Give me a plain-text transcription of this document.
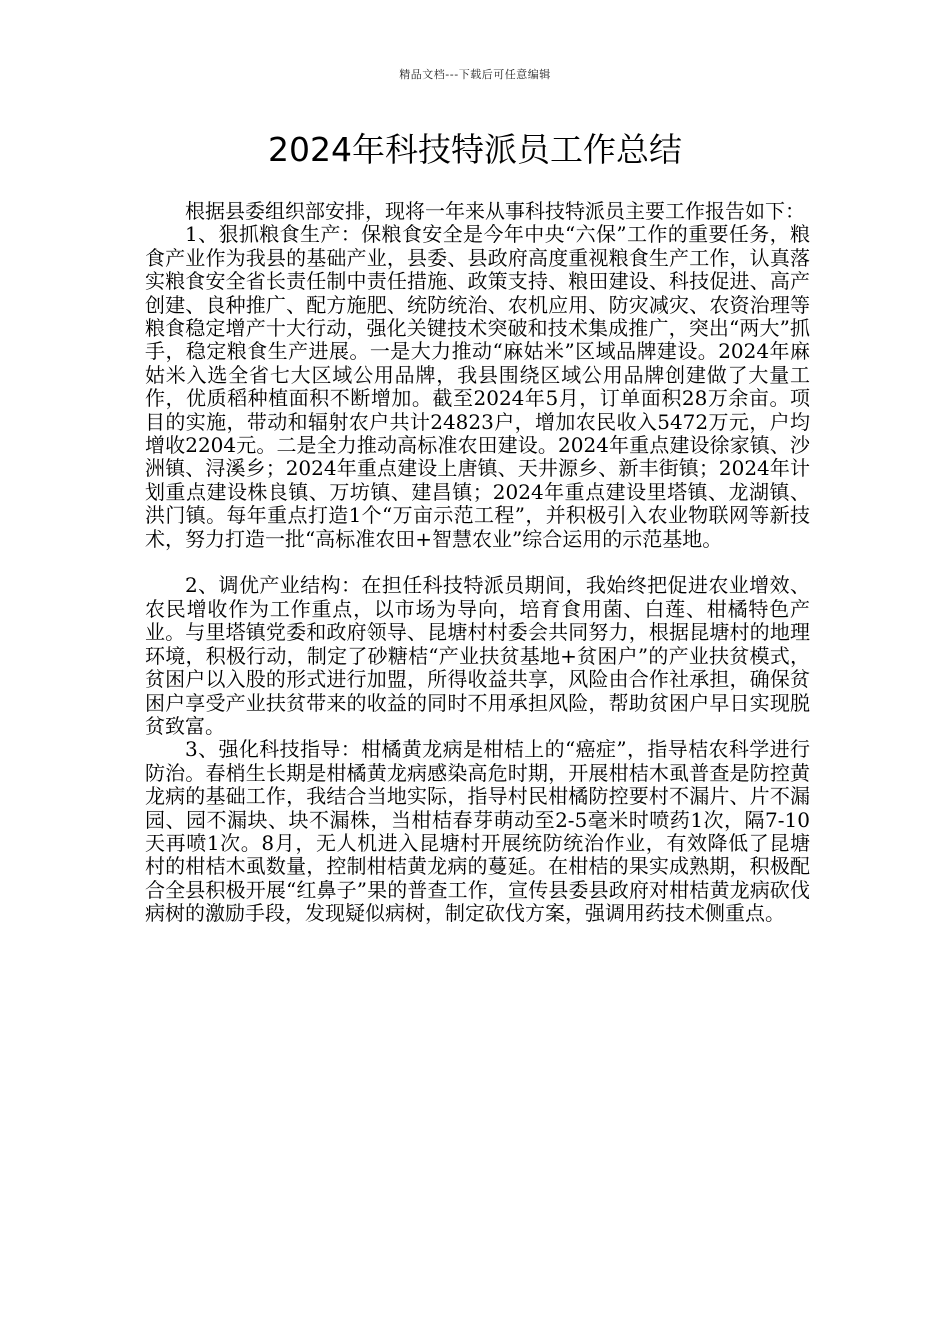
精品文档---下载后可任意编辑
2024年科技特派员工作总结

根据县委组织部安排，现将一年来从事科技特派员主要工作报告如下：

1、狠抓粮食生产：保粮食安全是今年中央“六保”工作的重要任务，粮食产业作为我县的基础产业，县委、县政府高度重视粮食生产工作，认真落实粮食安全省长责任制中责任措施、政策支持、粮田建设、科技促进、高产创建、良种推广、配方施肥、统防统治、农机应用、防灾减灾、农资治理等粮食稳定增产十大行动，强化关键技术突破和技术集成推广，突出“两大”抓手，稳定粮食生产进展。一是大力推动“麻姑米”区域品牌建设。2024年麻姑米入选全省七大区域公用品牌，我县围绕区域公用品牌创建做了大量工作，优质稻种植面积不断增加。截至2024年5月，订单面积28万余亩。项目的实施，带动和辐射农户共计24823户，增加农民收入5472万元，户均增收2204元。二是全力推动高标准农田建设。2024年重点建设徐家镇、沙洲镇、浔溪乡；2024年重点建设上唐镇、天井源乡、新丰街镇；2024年计划重点建设株良镇、万坊镇、建昌镇；2024年重点建设里塔镇、龙湖镇、洪门镇。每年重点打造1个“万亩示范工程”，并积极引入农业物联网等新技术，努力打造一批“高标准农田+智慧农业”综合运用的示范基地。

2、调优产业结构：在担任科技特派员期间，我始终把促进农业增效、农民增收作为工作重点，以市场为导向，培育食用菌、白莲、柑橘特色产业。与里塔镇党委和政府领导、昆塘村村委会共同努力，根据昆塘村的地理环境，积极行动，制定了砂糖桔“产业扶贫基地+贫困户”的产业扶贫模式，贫困户以入股的形式进行加盟，所得收益共享，风险由合作社承担，确保贫困户享受产业扶贫带来的收益的同时不用承担风险，帮助贫困户早日实现脱贫致富。

3、强化科技指导：柑橘黄龙病是柑桔上的“癌症”，指导桔农科学进行防治。春梢生长期是柑橘黄龙病感染高危时期，开展柑桔木虱普查是防控黄龙病的基础工作，我结合当地实际，指导村民柑橘防控要村不漏片、片不漏园、园不漏块、块不漏株，当柑桔春芽萌动至2-5毫米时喷药1次，隔7-10天再喷1次。8月，无人机进入昆塘村开展统防统治作业，有效降低了昆塘村的柑桔木虱数量，控制柑桔黄龙病的蔓延。在柑桔的果实成熟期，积极配合全县积极开展“红鼻子”果的普查工作，宣传县委县政府对柑桔黄龙病砍伐病树的激励手段，发现疑似病树，制定砍伐方案，强调用药技术侧重点。
